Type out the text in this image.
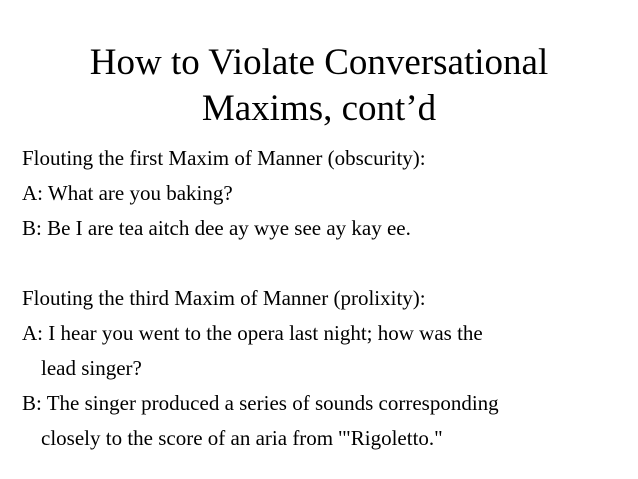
How to Violate Conversational
Maxims, cont’d
Flouting the first Maxim of Manner (obscurity):
A: What are you baking?
B: Be I are tea aitch dee ay wye see ay kay ee.
Flouting the third Maxim of Manner (prolixity):
A: I hear you went to the opera last night; how was the
lead singer?
B: The singer produced a series of sounds corresponding
closely to the score of an aria from '"Rigoletto."
